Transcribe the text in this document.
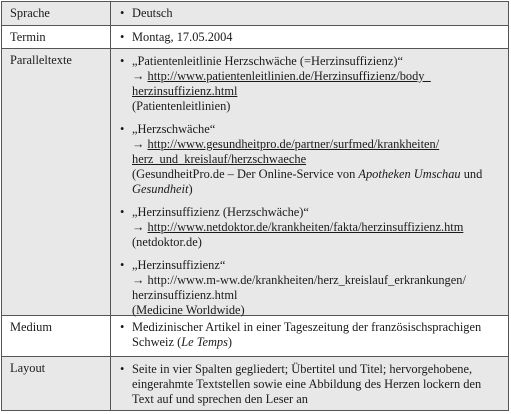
Sprache	• Deutsch
Termin	• Montag, 17.05.2004
Paralleltexte	• „Patientenleitlinie Herzschwäche (=Herzinsuffizienz)“
→ http://www.patientenleitlinien.de/Herzinsuffizienz/body_
herzinsuffizienz.html
(Patientenleitlinien)
• „Herzschwäche“
→ http://www.gesundheitpro.de/partner/surfmed/krankheiten/
herz_und_kreislauf/herzschwaeche
(GesundheitPro.de – Der Online-Service von Apotheken Umschau und
Gesundheit)
• „Herzinsuffizienz (Herzschwäche)“
→ http://www.netdoktor.de/krankheiten/fakta/herzinsuffizienz.htm
(netdoktor.de)
• „Herzinsuffizienz“
→ http://www.m-ww.de/krankheiten/herz_kreislauf_erkrankungen/
herzinsuffizienz.html
(Medicine Worldwide)
Medium	• Medizinischer Artikel in einer Tageszeitung der französischsprachigen
Schweiz (Le Temps)
Layout	• Seite in vier Spalten gegliedert; Übertitel und Titel; hervorgehobene,
eingerahmte Textstellen sowie eine Abbildung des Herzen lockern den
Text auf und sprechen den Leser an
